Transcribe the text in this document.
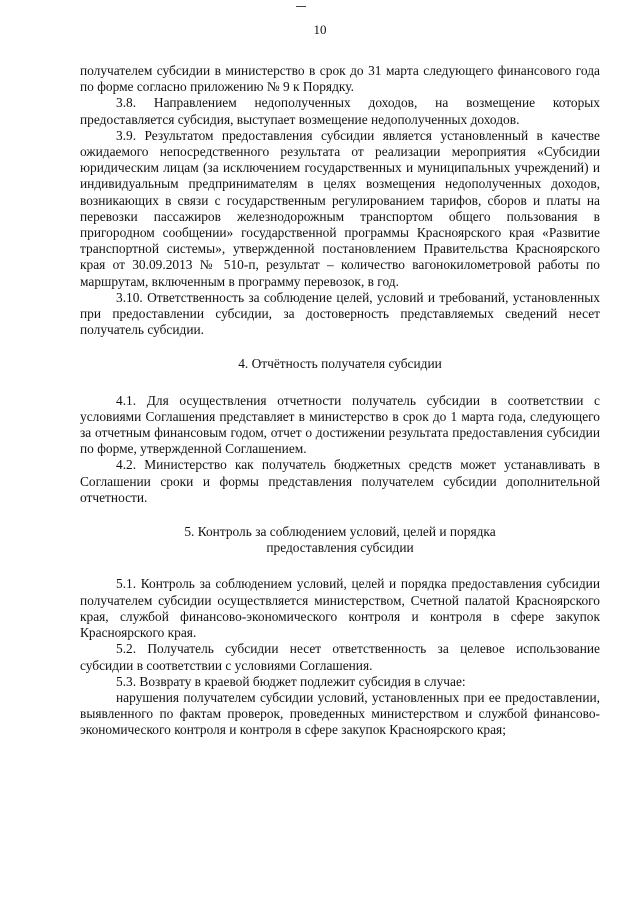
10

получателем субсидии в министерство в срок до 31 марта следующего финансового года по форме согласно приложению № 9 к Порядку.

3.8. Направлением недополученных доходов, на возмещение которых предоставляется субсидия, выступает возмещение недополученных доходов.

3.9. Результатом предоставления субсидии является установленный в качестве ожидаемого непосредственного результата от реализации мероприятия «Субсидии юридическим лицам (за исключением государственных и муниципальных учреждений) и индивидуальным предпринимателям в целях возмещения недополученных доходов, возникающих в связи с государственным регулированием тарифов, сборов и платы на перевозки пассажиров железнодорожным транспортом общего пользования в пригородном сообщении» государственной программы Красноярского края «Развитие транспортной системы», утвержденной постановлением Правительства Красноярского края от 30.09.2013 № 510-п, результат – количество вагонокилометровой работы по маршрутам, включенным в программу перевозок, в год.

3.10. Ответственность за соблюдение целей, условий и требований, установленных при предоставлении субсидии, за достоверность представляемых сведений несет получатель субсидии.

4. Отчётность получателя субсидии

4.1. Для осуществления отчетности получатель субсидии в соответствии с условиями Соглашения представляет в министерство в срок до 1 марта года, следующего за отчетным финансовым годом, отчет о достижении результата предоставления субсидии по форме, утвержденной Соглашением.

4.2. Министерство как получатель бюджетных средств может устанавливать в Соглашении сроки и формы представления получателем субсидии дополнительной отчетности.

5. Контроль за соблюдением условий, целей и порядка

предоставления субсидии

5.1. Контроль за соблюдением условий, целей и порядка предоставления субсидии получателем субсидии осуществляется министерством, Счетной палатой Красноярского края, службой финансово-экономического контроля и контроля в сфере закупок Красноярского края.

5.2. Получатель субсидии несет ответственность за целевое использование субсидии в соответствии с условиями Соглашения.

5.3. Возврату в краевой бюджет подлежит субсидия в случае:

нарушения получателем субсидии условий, установленных при ее предоставлении, выявленного по фактам проверок, проведенных министерством и службой финансово-экономического контроля и контроля в сфере закупок Красноярского края;
